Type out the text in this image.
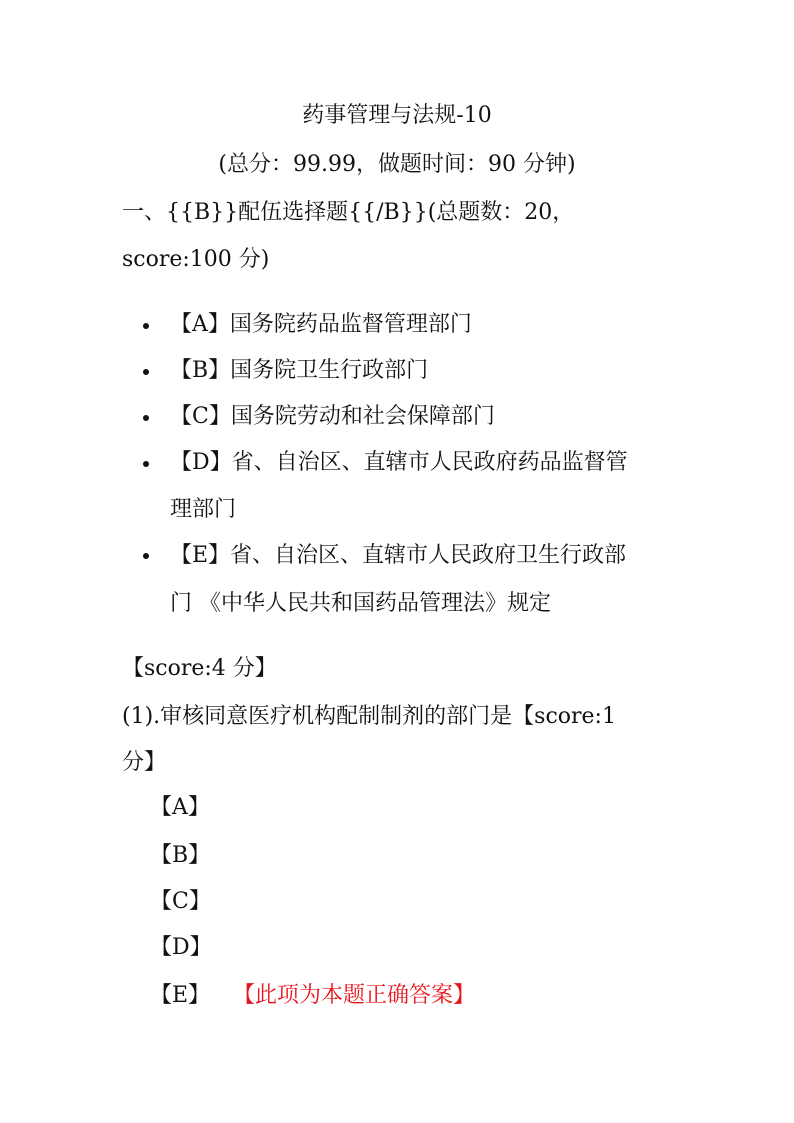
药事管理与法规-10
(总分：99.99，做题时间：90 分钟)
一、{{B}}配伍选择题{{/B}}(总题数：20，
score:100 分)
【A】国务院药品监督管理部门
【B】国务院卫生行政部门
【C】国务院劳动和社会保障部门
【D】省、自治区、直辖市人民政府药品监督管
理部门
【E】省、自治区、直辖市人民政府卫生行政部
门 《中华人民共和国药品管理法》规定
【score:4 分】
(1).审核同意医疗机构配制制剂的部门是【score:1
分】
【A】
【B】
【C】
【D】
【E】 【此项为本题正确答案】
